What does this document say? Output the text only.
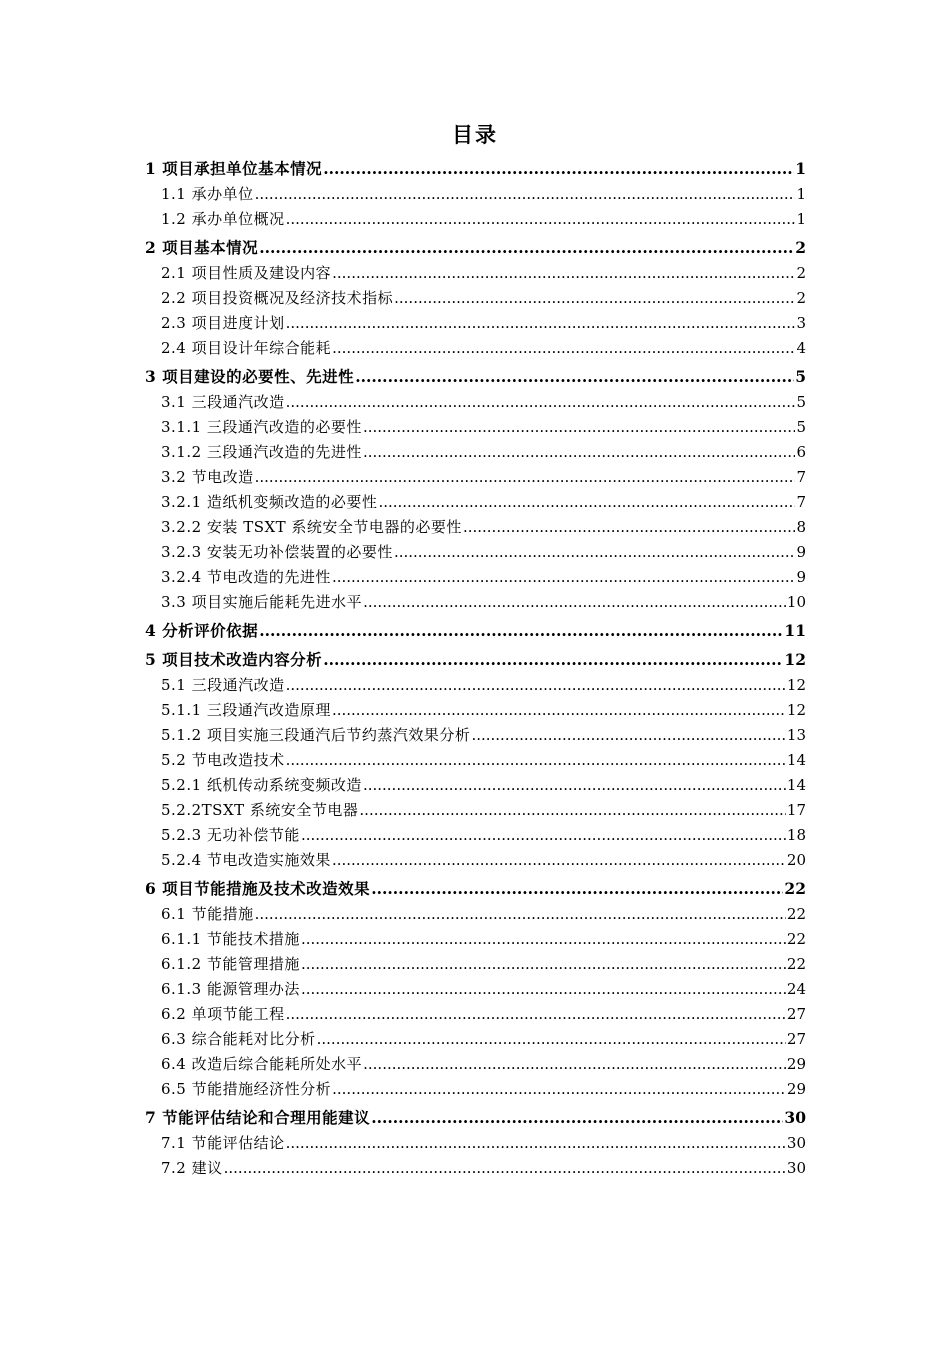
目录
1 项目承担单位基本情况 .....	1
1.1 承办单位 .....	1
1.2 承办单位概况 .....	1
2 项目基本情况 .....	2
2.1 项目性质及建设内容 .....	2
2.2 项目投资概况及经济技术指标 .....	2
2.3 项目进度计划 .....	3
2.4 项目设计年综合能耗 .....	4
3 项目建设的必要性、先进性 .....	5
3.1 三段通汽改造 .....	5
3.1.1 三段通汽改造的必要性 .....	5
3.1.2 三段通汽改造的先进性 .....	6
3.2 节电改造 .....	7
3.2.1 造纸机变频改造的必要性 .....	7
3.2.2 安装 TSXT 系统安全节电器的必要性 .....	8
3.2.3 安装无功补偿装置的必要性 .....	9
3.2.4 节电改造的先进性 .....	9
3.3 项目实施后能耗先进水平 .....	10
4 分析评价依据 .....	11
5 项目技术改造内容分析 .....	12
5.1 三段通汽改造 .....	12
5.1.1 三段通汽改造原理 .....	12
5.1.2 项目实施三段通汽后节约蒸汽效果分析 .....	13
5.2 节电改造技术 .....	14
5.2.1 纸机传动系统变频改造 .....	14
5.2.2TSXT 系统安全节电器 .....	17
5.2.3 无功补偿节能 .....	18
5.2.4 节电改造实施效果 .....	20
6 项目节能措施及技术改造效果 .....	22
6.1 节能措施 .....	22
6.1.1 节能技术措施 .....	22
6.1.2 节能管理措施 .....	22
6.1.3 能源管理办法 .....	24
6.2 单项节能工程 .....	27
6.3 综合能耗对比分析 .....	27
6.4 改造后综合能耗所处水平 .....	29
6.5 节能措施经济性分析 .....	29
7 节能评估结论和合理用能建议 .....	30
7.1 节能评估结论 .....	30
7.2 建议 .....	30
